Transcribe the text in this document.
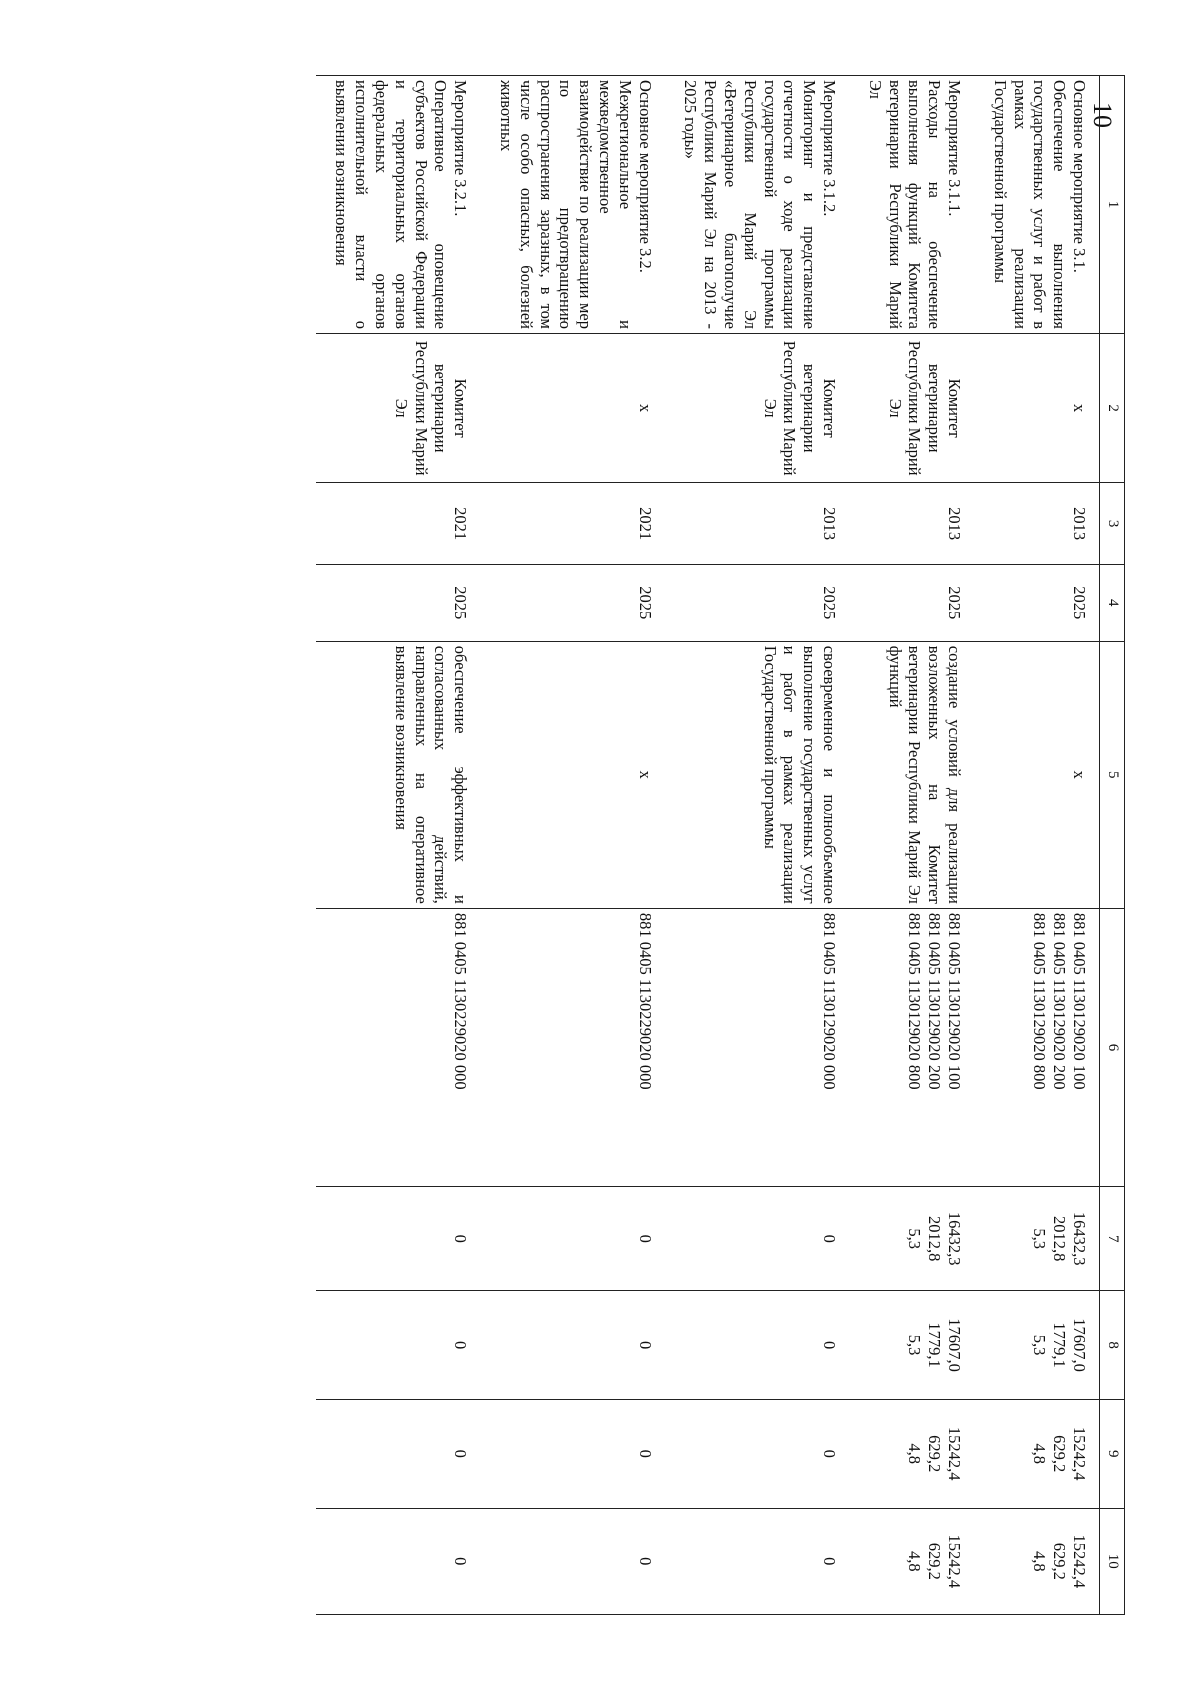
10
1	2	3	4	5	6	7	8	9	10

Основное мероприятие 3.1.
Обеспечение выполнения государственных услуг и работ в рамках реализации Государственной программы	х	2013	2025	х	881 0405 1130129020 100
881 0405 1130129020 200
881 0405 1130129020 800	16432,3
2012,8
5,3	17607,0
1779,1
5,3	15242,4
629,2
4,8	15242,4
629,2
4,8

Мероприятие 3.1.1.
Расходы на обеспечение выполнения функций Комитета ветеринарии Республики Марий Эл	Комитет ветеринарии Республики Марий Эл	2013	2025	создание условий для реализации возложенных на Комитет ветеринарии Республики Марий Эл функций	881 0405 1130129020 100
881 0405 1130129020 200
881 0405 1130129020 800	16432,3
2012,8
5,3	17607,0
1779,1
5,3	15242,4
629,2
4,8	15242,4
629,2
4,8

Мероприятие 3.1.2.
Мониторинг и представление отчетности о ходе реализации государственной программы Республики Марий Эл «Ветеринарное благополучие Республики Марий Эл на 2013 - 2025 годы»	Комитет ветеринарии Республики Марий Эл	2013	2025	своевременное и полнообъемное выполнение государственных услуг и работ в рамках реализации Государственной программы	881 0405 1130129020 000	0	0	0	0

Основное мероприятие 3.2.
Межрегиональное и межведомственное взаимодействие по реализации мер по предотвращению распространения заразных, в том числе особо опасных, болезней животных	х	2021	2025	х	881 0405 1130229020 000	0	0	0	0

Мероприятие 3.2.1.
Оперативное оповещение субъектов Российской Федерации и территориальных органов федеральных органов исполнительной власти о выявлении возникновения	Комитет ветеринарии Республики Марий Эл	2021	2025	обеспечение эффективных и согласованных действий, направленных на оперативное выявление возникновения	881 0405 1130229020 000	0	0	0	0
